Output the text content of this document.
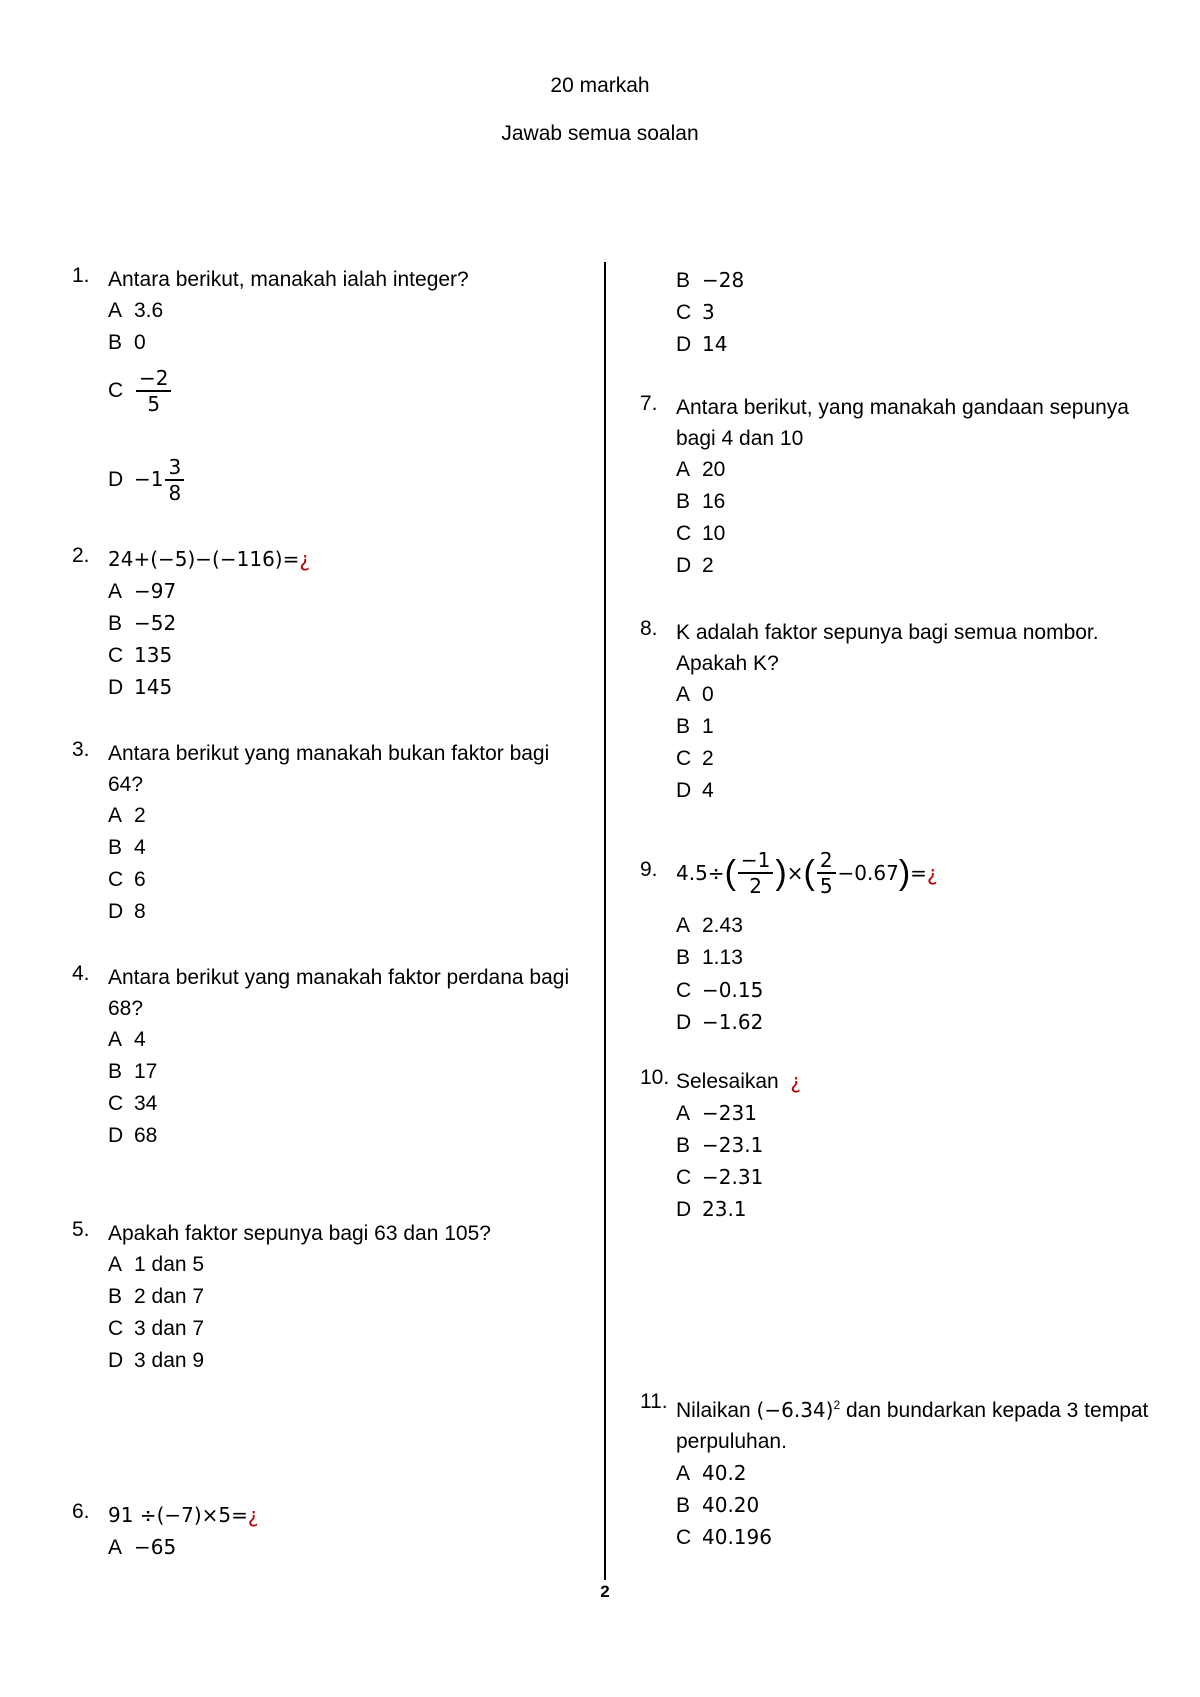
20 markah
Jawab semua soalan
2
1. Antara berikut, manakah ialah integer?
A 3.6
B 0
C $\frac{-2}{5}$
$D -1 \frac{3}{8}$
2. 24+(−5)−(−116)=¿
A −97
B −52
C 135
D 145
3. Antara berikut yang manakah bukan faktor bagi 64?
A 2
B 4
C 6
D 8
4. Antara berikut yang manakah faktor perdana bagi 68?
A 4
B 17
C 34
D 68
5. Apakah faktor sepunya bagi 63 dan 105?
A 1 dan 5
B 2 dan 7
C 3 dan 7
D 3 dan 9
6. 91 ÷(−7)×5=¿
A −65
B −28
C 3
D 14
7. Antara berikut, yang manakah gandaan sepunya bagi 4 dan 10
A 20
B 16
C 10
D 2
8. K adalah faktor sepunya bagi semua nombor. Apakah K?
A 0
B 1
C 2
D 4
9. 4.5÷ ( $\frac{-1}{2}$ ) × ( $\frac{2}{5} -0.67$ ) = ¿
A 2.43
B 1.13
C −0.15
D −1.62
10. Selesaikan ¿
A −231
B −23.1
C −2.31
D 23.1
11. Nilaikan $(-6.34)^2$ dan bundarkan kepada 3 tempat perpuluhan.
A 40.2
B 40.20
C 40.196
